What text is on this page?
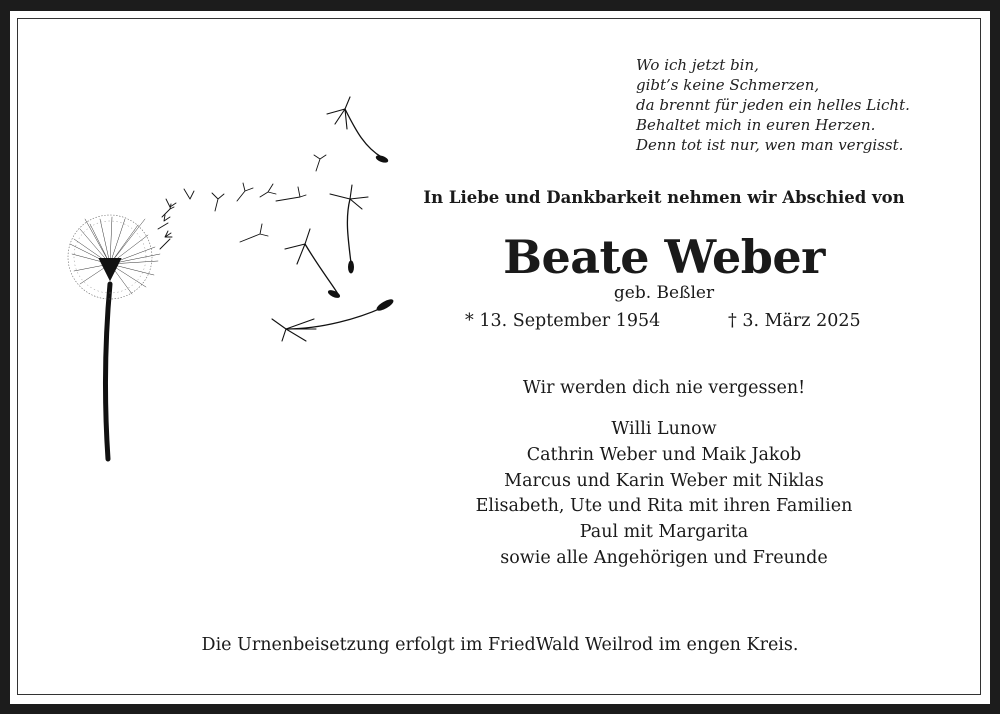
Wo ich jetzt bin,
gibt’s keine Schmerzen,
da brennt für jeden ein helles Licht.
Behaltet mich in euren Herzen.
Denn tot ist nur, wen man vergisst.
In Liebe und Dankbarkeit nehmen wir Abschied von
Beate Weber
geb. Beßler
* 13. September 1954	† 3. März 2025
Wir werden dich nie vergessen!
Willi Lunow
Cathrin Weber und Maik Jakob
Marcus und Karin Weber mit Niklas
Elisabeth, Ute und Rita mit ihren Familien
Paul mit Margarita
sowie alle Angehörigen und Freunde
Die Urnenbeisetzung erfolgt im FriedWald Weilrod im engen Kreis.
